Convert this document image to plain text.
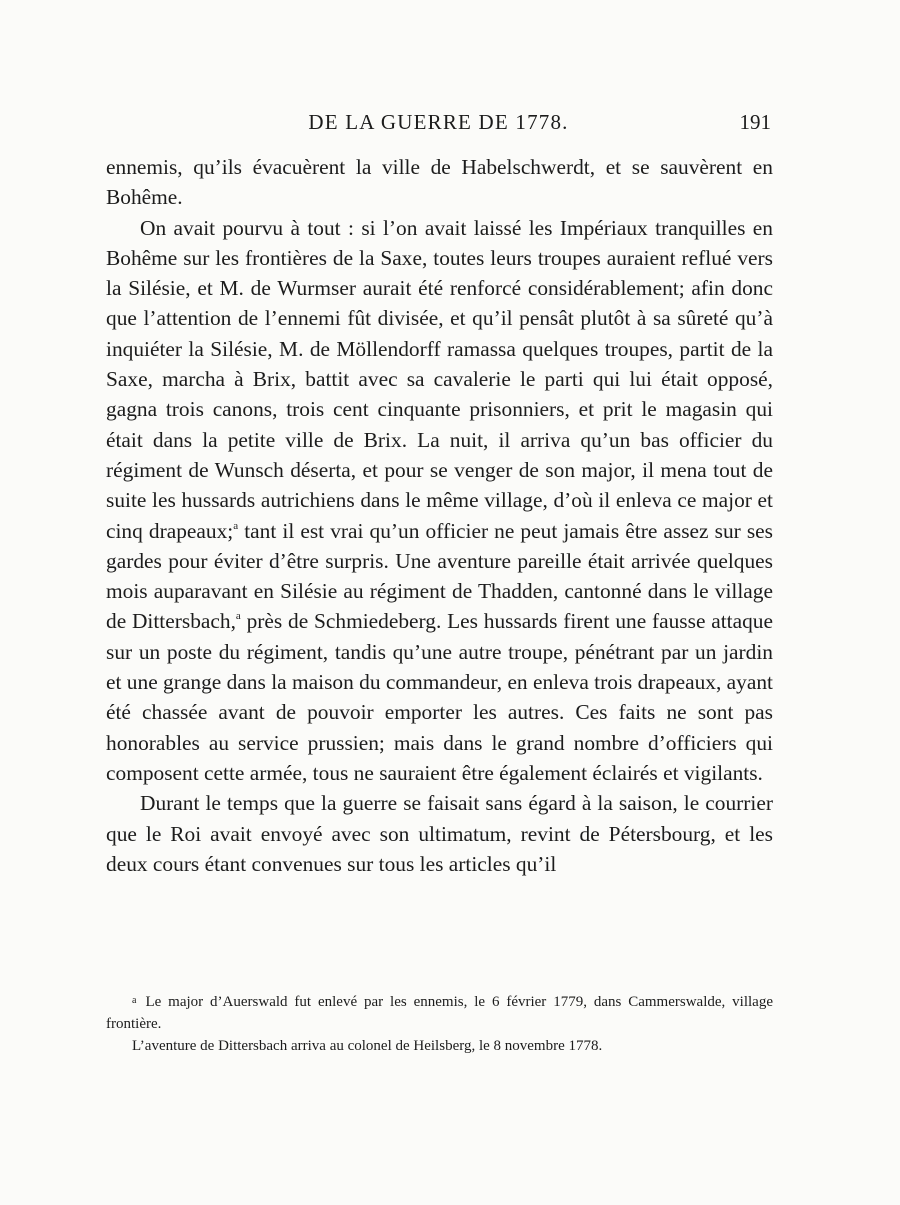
DE LA GUERRE DE 1778.	191

ennemis, qu’ils évacuèrent la ville de Habelschwerdt, et se sauvèrent en Bohême.

On avait pourvu à tout : si l’on avait laissé les Impériaux tranquilles en Bohême sur les frontières de la Saxe, toutes leurs troupes auraient reflué vers la Silésie, et M. de Wurmser aurait été renforcé considérablement; afin donc que l’attention de l’ennemi fût divisée, et qu’il pensât plutôt à sa sûreté qu’à inquiéter la Silésie, M. de Möllendorff ramassa quelques troupes, partit de la Saxe, marcha à Brix, battit avec sa cavalerie le parti qui lui était opposé, gagna trois canons, trois cent cinquante prisonniers, et prit le magasin qui était dans la petite ville de Brix. La nuit, il arriva qu’un bas officier du régiment de Wunsch déserta, et pour se venger de son major, il mena tout de suite les hussards autrichiens dans le même village, d’où il enleva ce major et cinq drapeaux;$^a$ tant il est vrai qu’un officier ne peut jamais être assez sur ses gardes pour éviter d’être surpris. Une aventure pareille était arrivée quelques mois auparavant en Silésie au régiment de Thadden, cantonné dans le village de Dittersbach,$^a$ près de Schmiedeberg. Les hussards firent une fausse attaque sur un poste du régiment, tandis qu’une autre troupe, pénétrant par un jardin et une grange dans la maison du commandeur, en enleva trois drapeaux, ayant été chassée avant de pouvoir emporter les autres. Ces faits ne sont pas honorables au service prussien; mais dans le grand nombre d’officiers qui composent cette armée, tous ne sauraient être également éclairés et vigilants.

Durant le temps que la guerre se faisait sans égard à la saison, le courrier que le Roi avait envoyé avec son ultimatum, revint de Pétersbourg, et les deux cours étant convenues sur tous les articles qu’il

$^a$ Le major d’Auerswald fut enlevé par les ennemis, le 6 février 1779, dans Cammerswalde, village frontière.

L’aventure de Dittersbach arriva au colonel de Heilsberg, le 8 novembre 1778.
